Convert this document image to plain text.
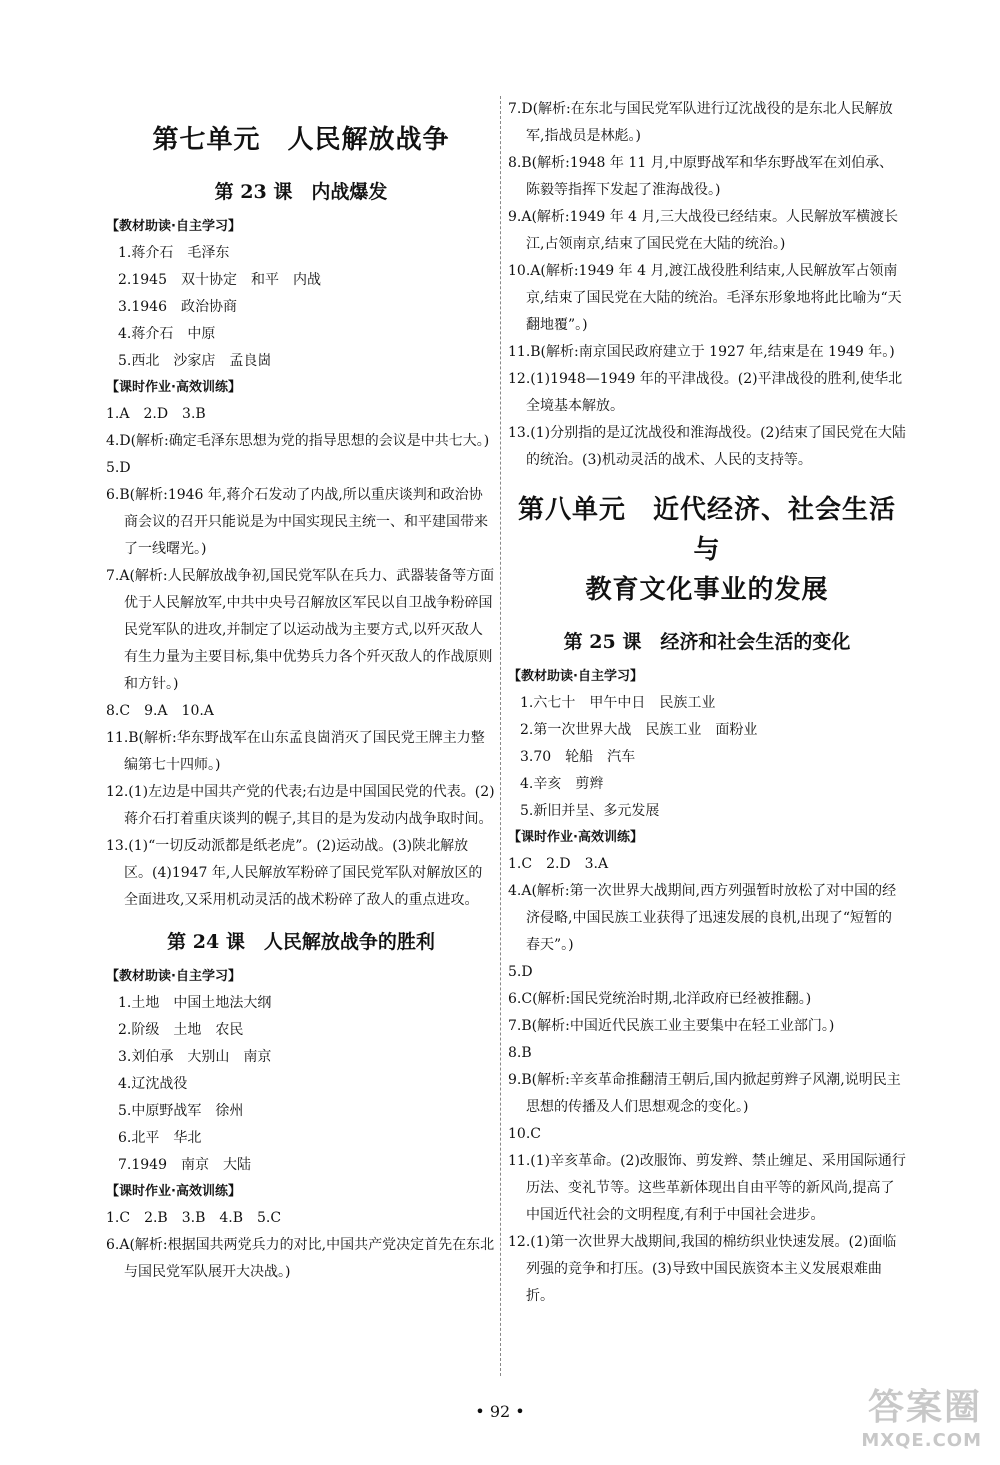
第七单元　人民解放战争
第 23 课　内战爆发
【教材助读·自主学习】
1.蒋介石　毛泽东
2.1945　双十协定　和平　内战
3.1946　政治协商
4.蒋介石　中原
5.西北　沙家店　孟良崮
【课时作业·高效训练】
1.A　2.D　3.B
4.D(解析:确定毛泽东思想为党的指导思想的会议是中共七大。)
5.D
6.B(解析:1946 年,蒋介石发动了内战,所以重庆谈判和政治协商会议的召开只能说是为中国实现民主统一、和平建国带来了一线曙光。)
7.A(解析:人民解放战争初,国民党军队在兵力、武器装备等方面优于人民解放军,中共中央号召解放区军民以自卫战争粉碎国民党军队的进攻,并制定了以运动战为主要方式,以歼灭敌人有生力量为主要目标,集中优势兵力各个歼灭敌人的作战原则和方针。)
8.C　9.A　10.A
11.B(解析:华东野战军在山东孟良崮消灭了国民党王牌主力整编第七十四师。)
12.(1)左边是中国共产党的代表;右边是中国国民党的代表。(2)蒋介石打着重庆谈判的幌子,其目的是为发动内战争取时间。
13.(1)“一切反动派都是纸老虎”。(2)运动战。(3)陕北解放区。(4)1947 年,人民解放军粉碎了国民党军队对解放区的全面进攻,又采用机动灵活的战术粉碎了敌人的重点进攻。
第 24 课　人民解放战争的胜利
【教材助读·自主学习】
1.土地　中国土地法大纲
2.阶级　土地　农民
3.刘伯承　大别山　南京
4.辽沈战役
5.中原野战军　徐州
6.北平　华北
7.1949　南京　大陆
【课时作业·高效训练】
1.C　2.B　3.B　4.B　5.C
6.A(解析:根据国共两党兵力的对比,中国共产党决定首先在东北与国民党军队展开大决战。)
7.D(解析:在东北与国民党军队进行辽沈战役的是东北人民解放军,指战员是林彪。)
8.B(解析:1948 年 11 月,中原野战军和华东野战军在刘伯承、陈毅等指挥下发起了淮海战役。)
9.A(解析:1949 年 4 月,三大战役已经结束。人民解放军横渡长江,占领南京,结束了国民党在大陆的统治。)
10.A(解析:1949 年 4 月,渡江战役胜利结束,人民解放军占领南京,结束了国民党在大陆的统治。毛泽东形象地将此比喻为“天翻地覆”。)
11.B(解析:南京国民政府建立于 1927 年,结束是在 1949 年。)
12.(1)1948—1949 年的平津战役。(2)平津战役的胜利,使华北全境基本解放。
13.(1)分别指的是辽沈战役和淮海战役。(2)结束了国民党在大陆的统治。(3)机动灵活的战术、人民的支持等。
第八单元　近代经济、社会生活与
教育文化事业的发展
第 25 课　经济和社会生活的变化
【教材助读·自主学习】
1.六七十　甲午中日　民族工业
2.第一次世界大战　民族工业　面粉业
3.70　轮船　汽车
4.辛亥　剪辫
5.新旧并呈、多元发展
【课时作业·高效训练】
1.C　2.D　3.A
4.A(解析:第一次世界大战期间,西方列强暂时放松了对中国的经济侵略,中国民族工业获得了迅速发展的良机,出现了“短暂的春天”。)
5.D
6.C(解析:国民党统治时期,北洋政府已经被推翻。)
7.B(解析:中国近代民族工业主要集中在轻工业部门。)
8.B
9.B(解析:辛亥革命推翻清王朝后,国内掀起剪辫子风潮,说明民主思想的传播及人们思想观念的变化。)
10.C
11.(1)辛亥革命。(2)改服饰、剪发辫、禁止缠足、采用国际通行历法、变礼节等。这些革新体现出自由平等的新风尚,提高了中国近代社会的文明程度,有利于中国社会进步。
12.(1)第一次世界大战期间,我国的棉纺织业快速发展。(2)面临列强的竞争和打压。(3)导致中国民族资本主义发展艰难曲折。
• 92 •	答案圈
MXQE.COM
